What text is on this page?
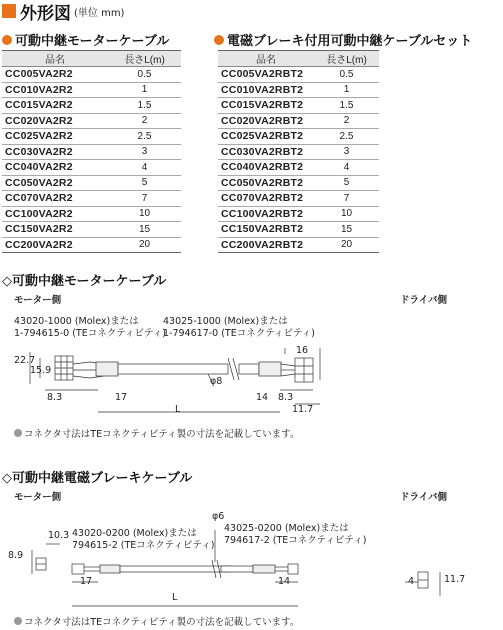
外形図 (単位 mm)
可動中継モーターケーブル
品名	長さL(m)
CC005VA2R2	0.5
CC010VA2R2	1
CC015VA2R2	1.5
CC020VA2R2	2
CC025VA2R2	2.5
CC030VA2R2	3
CC040VA2R2	4
CC050VA2R2	5
CC070VA2R2	7
CC100VA2R2	10
CC150VA2R2	15
CC200VA2R2	20
電磁ブレーキ付用可動中継ケーブルセット
品名	長さL(m)
CC005VA2RBT2	0.5
CC010VA2RBT2	1
CC015VA2RBT2	1.5
CC020VA2RBT2	2
CC025VA2RBT2	2.5
CC030VA2RBT2	3
CC040VA2RBT2	4
CC050VA2RBT2	5
CC070VA2RBT2	7
CC100VA2RBT2	10
CC150VA2RBT2	15
CC200VA2RBT2	20
◇可動中継モーターケーブル
モーター側	ドライバ側
43020-1000 (Molex)または
1-794615-0 (TEコネクティビティ)
43025-1000 (Molex)または
1-794617-0 (TEコネクティビティ)
22.7
15.9
8.3	17
φ8
L
14 8.3
16
11.7
コネクタ寸法はTEコネクティビティ製の寸法を記載しています。
◇可動中継電磁ブレーキケーブル
モーター側	ドライバ側
43020-0200 (Molex)または
794615-2 (TEコネクティビティ)
43025-0200 (Molex)または
794617-2 (TEコネクティビティ)
8.9
10.3
φ6
17
L
14	4	11.7
コネクタ寸法はTEコネクティビティ製の寸法を記載しています。
